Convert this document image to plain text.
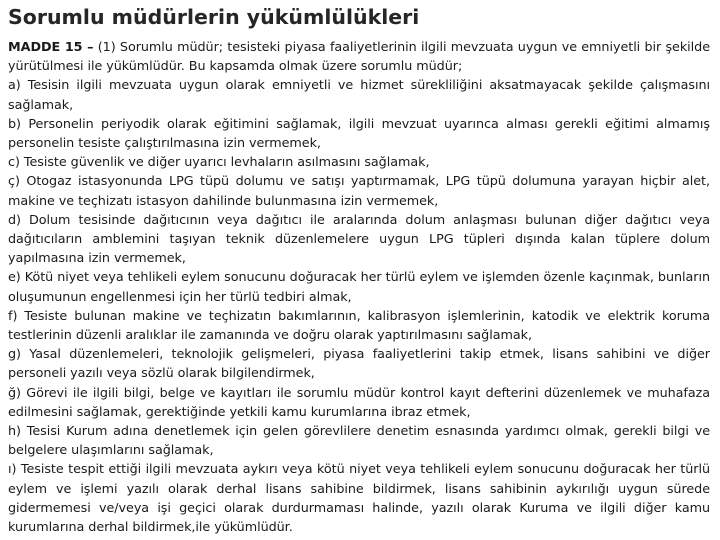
Sorumlu müdürlerin yükümlülükleri

MADDE 15 – (1) Sorumlu müdür; tesisteki piyasa faaliyetlerinin ilgili mevzuata uygun ve emniyetli bir şekilde yürütülmesi ile yükümlüdür. Bu kapsamda olmak üzere sorumlu müdür;

a) Tesisin ilgili mevzuata uygun olarak emniyetli ve hizmet sürekliliğini aksatmayacak şekilde çalışmasını sağlamak,

b) Personelin periyodik olarak eğitimini sağlamak, ilgili mevzuat uyarınca alması gerekli eğitimi almamış personelin tesiste çalıştırılmasına izin vermemek,

c) Tesiste güvenlik ve diğer uyarıcı levhaların asılmasını sağlamak,

ç) Otogaz istasyonunda LPG tüpü dolumu ve satışı yaptırmamak, LPG tüpü dolumuna yarayan hiçbir alet, makine ve teçhizatı istasyon dahilinde bulunmasına izin vermemek,

d) Dolum tesisinde dağıtıcının veya dağıtıcı ile aralarında dolum anlaşması bulunan diğer dağıtıcı veya dağıtıcıların amblemini taşıyan teknik düzenlemelere uygun LPG tüpleri dışında kalan tüplere dolum yapılmasına izin vermemek,

e) Kötü niyet veya tehlikeli eylem sonucunu doğuracak her türlü eylem ve işlemden özenle kaçınmak, bunların oluşumunun engellenmesi için her türlü tedbiri almak,

f) Tesiste bulunan makine ve teçhizatın bakımlarının, kalibrasyon işlemlerinin, katodik ve elektrik koruma testlerinin düzenli aralıklar ile zamanında ve doğru olarak yaptırılmasını sağlamak,

g) Yasal düzenlemeleri, teknolojik gelişmeleri, piyasa faaliyetlerini takip etmek, lisans sahibini ve diğer personeli yazılı veya sözlü olarak bilgilendirmek,

ğ) Görevi ile ilgili bilgi, belge ve kayıtları ile sorumlu müdür kontrol kayıt defterini düzenlemek ve muhafaza edilmesini sağlamak, gerektiğinde yetkili kamu kurumlarına ibraz etmek,

h) Tesisi Kurum adına denetlemek için gelen görevlilere denetim esnasında yardımcı olmak, gerekli bilgi ve belgelere ulaşımlarını sağlamak,

ı) Tesiste tespit ettiği ilgili mevzuata aykırı veya kötü niyet veya tehlikeli eylem sonucunu doğuracak her türlü eylem ve işlemi yazılı olarak derhal lisans sahibine bildirmek, lisans sahibinin aykırılığı uygun sürede gidermemesi ve/veya işi geçici olarak durdurmaması halinde, yazılı olarak Kuruma ve ilgili diğer kamu kurumlarına derhal bildirmek,ile yükümlüdür.
